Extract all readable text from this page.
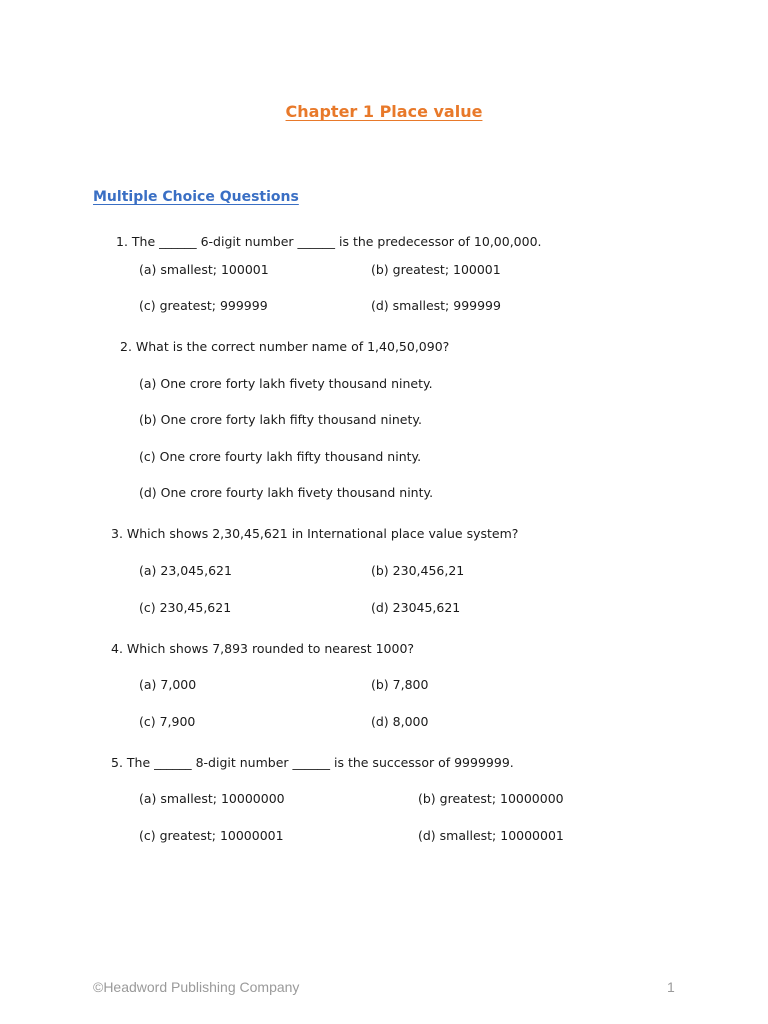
Chapter 1 Place value
Multiple Choice Questions
1. The ______ 6-digit number ______ is the predecessor of 10,00,000.
(a) smallest; 100001	(b) greatest; 100001
(c) greatest; 999999	(d) smallest; 999999
2. What is the correct number name of 1,40,50,090?
(a) One crore forty lakh fivety thousand ninety.
(b) One crore forty lakh fifty thousand ninety.
(c) One crore fourty lakh fifty thousand ninty.
(d) One crore fourty lakh fivety thousand ninty.
3. Which shows 2,30,45,621 in International place value system?
(a) 23,045,621	(b) 230,456,21
(c) 230,45,621	(d) 23045,621
4. Which shows 7,893 rounded to nearest 1000?
(a) 7,000	(b) 7,800
(c) 7,900	(d) 8,000
5. The ______ 8-digit number ______ is the successor of 9999999.
(a) smallest; 10000000	(b) greatest; 10000000
(c) greatest; 10000001	(d) smallest; 10000001
©Headword Publishing Company	1
